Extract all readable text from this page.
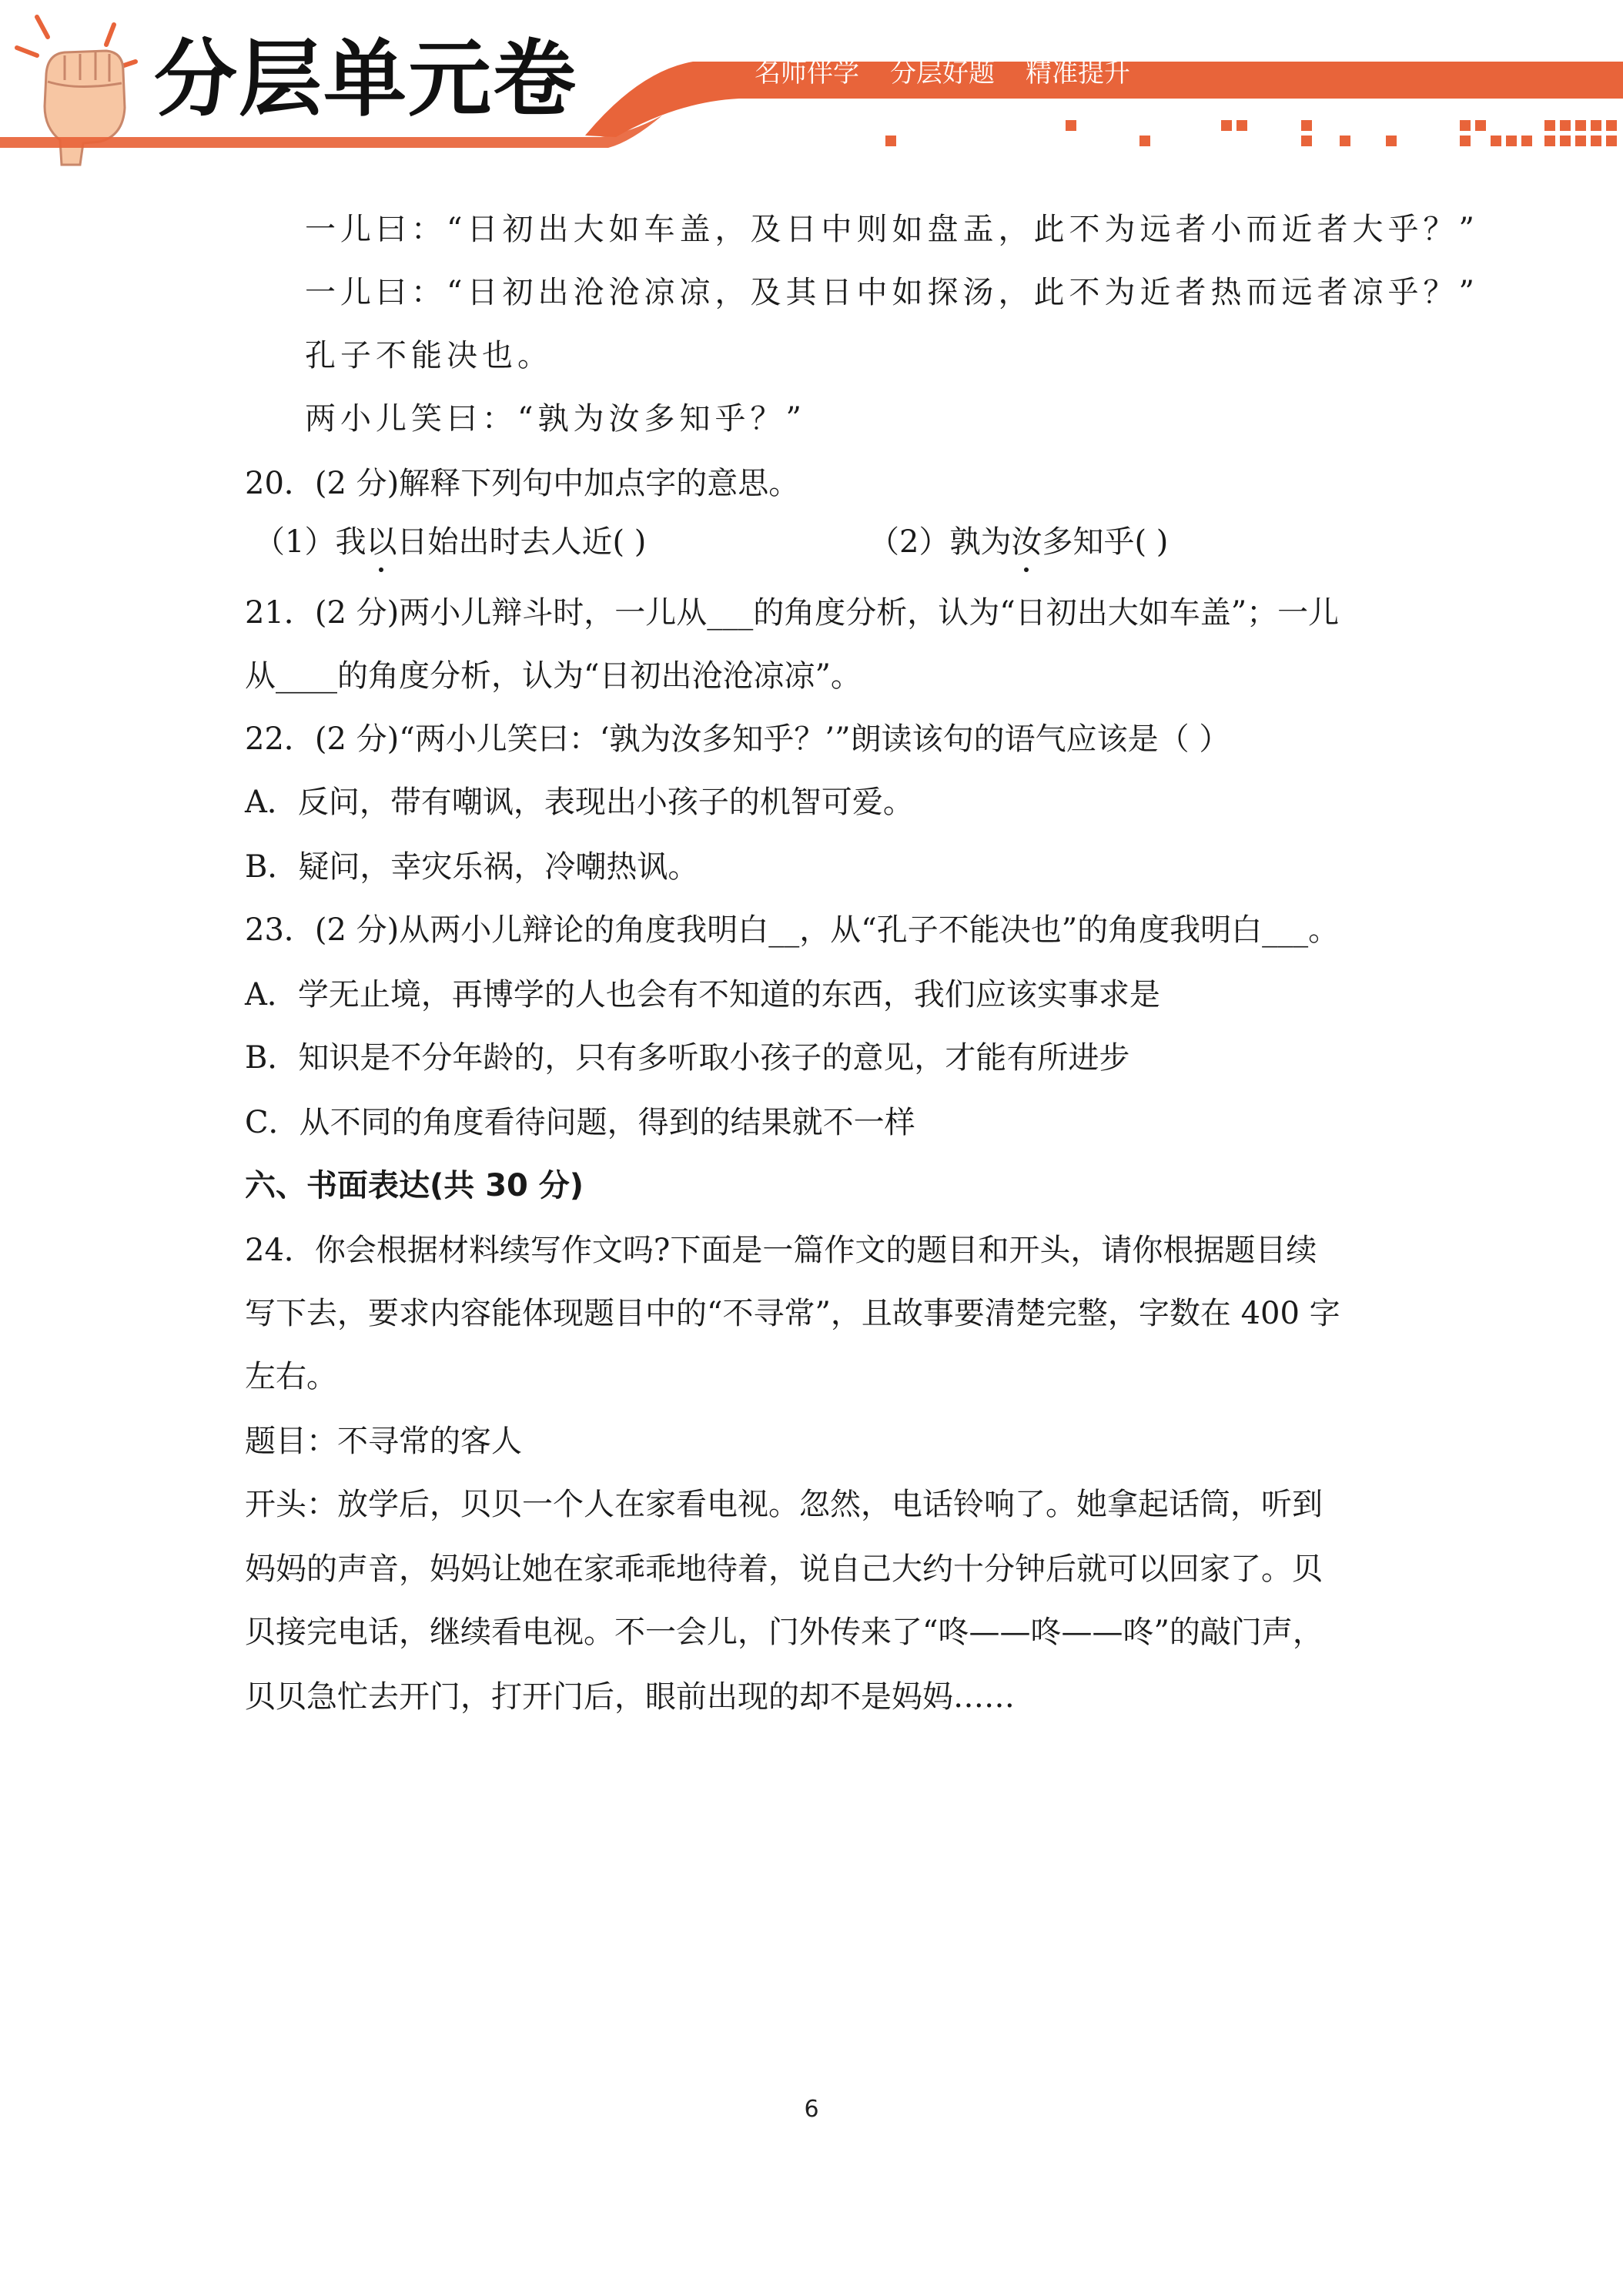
分层单元卷	名师伴学 分层好题 精准提升
一儿曰：“日初出大如车盖，及日中则如盘盂，此不为远者小而近者大乎？”
一儿曰：“日初出沧沧凉凉，及其日中如探汤，此不为近者热而远者凉乎？”
孔子不能决也。
两小儿笑曰：“孰为汝多知乎？”
20．(2 分)解释下列句中加点字的意思。
（1）我以日始出时去人近( )	（2）孰为汝多知乎( )
21．(2 分)两小儿辩斗时，一儿从___的角度分析，认为“日初出大如车盖”；一儿
从____的角度分析，认为“日初出沧沧凉凉”。
22．(2 分)“两小儿笑曰：‘孰为汝多知乎？’”朗读该句的语气应该是（ ）
A．反问，带有嘲讽，表现出小孩子的机智可爱。
B．疑问，幸灾乐祸，冷嘲热讽。
23．(2 分)从两小儿辩论的角度我明白__，从“孔子不能决也”的角度我明白___。
A．学无止境，再博学的人也会有不知道的东西，我们应该实事求是
B．知识是不分年龄的，只有多听取小孩子的意见，才能有所进步
C．从不同的角度看待问题，得到的结果就不一样
六、书面表达(共 30 分)
24．你会根据材料续写作文吗?下面是一篇作文的题目和开头，请你根据题目续
写下去，要求内容能体现题目中的“不寻常”，且故事要清楚完整，字数在 400 字
左右。
题目：不寻常的客人
开头：放学后，贝贝一个人在家看电视。忽然，电话铃响了。她拿起话筒，听到
妈妈的声音，妈妈让她在家乖乖地待着，说自己大约十分钟后就可以回家了。贝
贝接完电话，继续看电视。不一会儿，门外传来了“咚——咚——咚”的敲门声，
贝贝急忙去开门，打开门后，眼前出现的却不是妈妈……
6
